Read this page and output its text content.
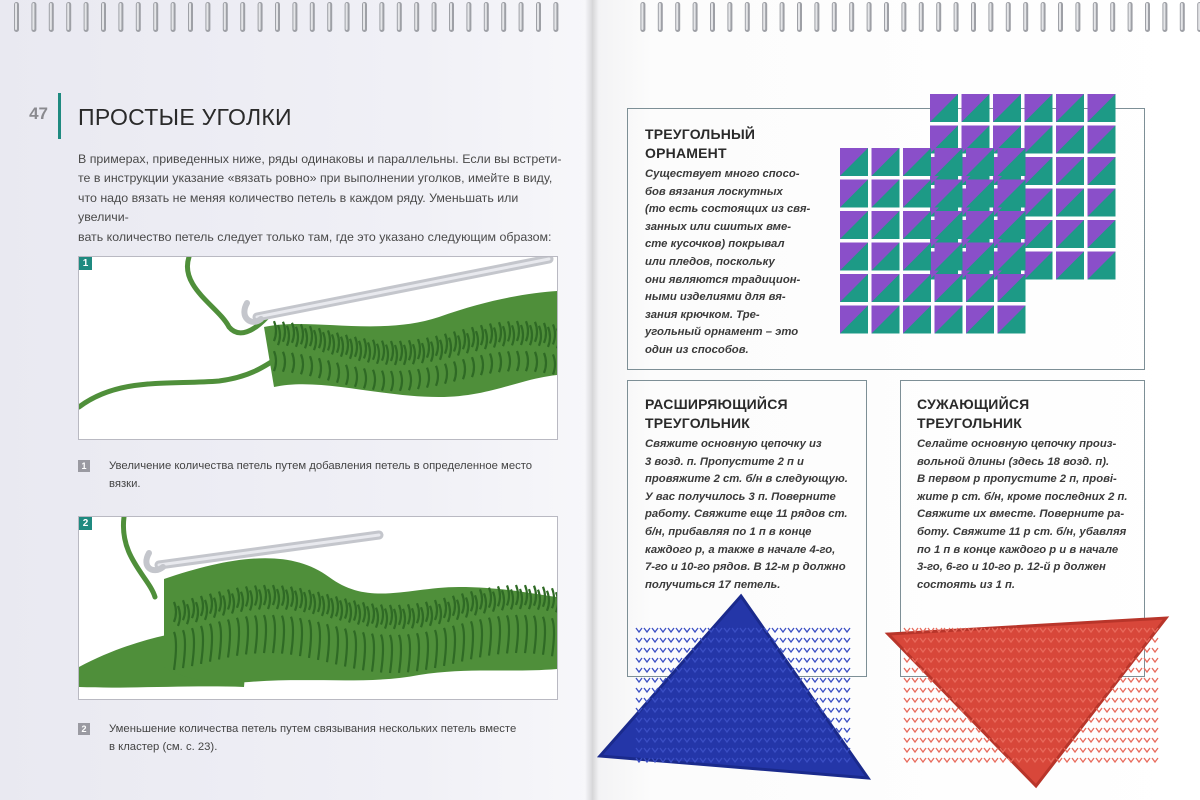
47 ПРОСТЫЕ УГОЛКИ
В примерах, приведенных ниже, ряды одинаковы и параллельны. Если вы встрети-
те в инструкции указание «вязать ровно» при выполнении уголков, имейте в виду,
что надо вязать не меняя количество петель в каждом ряду. Уменьшать или увеличи-
вать количество петель следует только там, где это указано следующим образом:
1
1	Увеличение количества петель путем добавления петель в определенное место
вязки.
2
2	Уменьшение количества петель путем связывания нескольких петель вместе
в кластер (см. с. 23).
ТРЕУГОЛЬНЫЙ
ОРНАМЕНТ
Существует много спосо-
бов вязания лоскутных
(то есть состоящих из свя-
занных или сшитых вме-
сте кусочков) покрывал
или пледов, поскольку
они являются традицион-
ными изделиями для вя-
зания крючком. Тре-
угольный орнамент – это
один из способов.
РАСШИРЯЮЩИЙСЯ
ТРЕУГОЛЬНИК
Свяжите основную цепочку из
3 возд. п. Пропустите 2 п и
провяжите 2 ст. б/н в следующую.
У вас получилось 3 п. Поверните
работу. Свяжите еще 11 рядов ст.
б/н, прибавляя по 1 п в конце
каждого р, а также в начале 4-го,
7-го и 10-го рядов. В 12-м р должно
получиться 17 петель.
СУЖАЮЩИЙСЯ
ТРЕУГОЛЬНИК
Селайте основную цепочку произ-
вольной длины (здесь 18 возд. п).
В первом р пропустите 2 п, прові-
жите р ст. б/н, кроме последних 2 п.
Свяжите их вместе. Поверните ра-
боту. Свяжите 11 р ст. б/н, убавляя
по 1 п в конце каждого р и в начале
3-го, 6-го и 10-го р. 12-й р должен
состоять из 1 п.
